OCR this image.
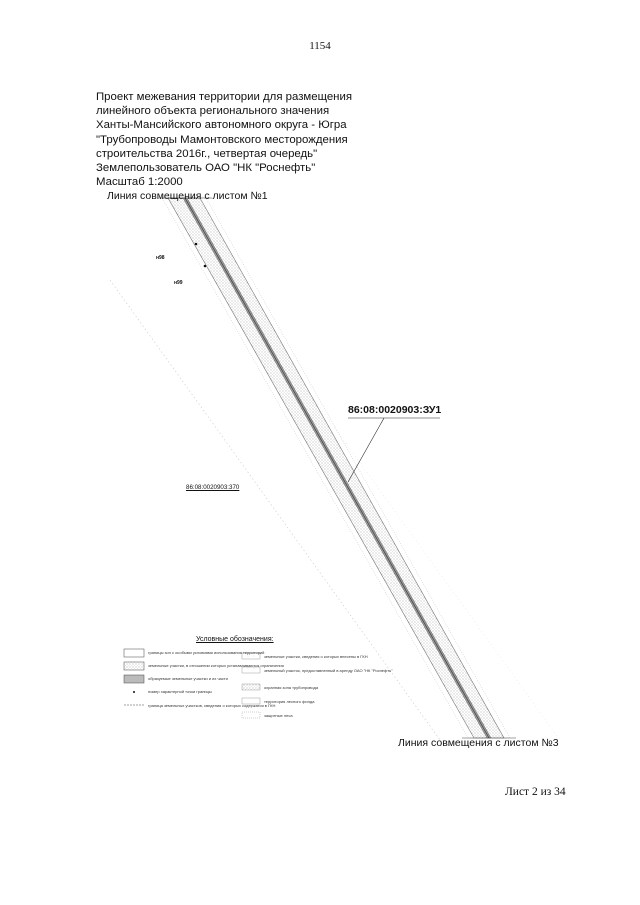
1154
Проект межевания территории для размещения
линейного объекта регионального значения
Ханты-Мансийского автономного округа - Югра
"Трубопроводы Мамонтовского месторождения
строительства 2016г., четвертая очередь"
Землепользователь ОАО "НК "Роснефть"
Масштаб 1:2000
Линия совмещения с листом №1
Линия совмещения с листом №3
86:08:0020903:ЗУ1
86:08:0020903:370
н98
н99
Условные обозначения:
границы зон с особыми условиями использования территорий
земельные участки, в отношении которых устанавливаются ограничения
образуемые земельные участки и их части
номер характерной точки границы
граница земельных участков, сведения о которых содержатся в ГКН
земельные участки, сведения о которых внесены в ГКН
земельный участок, предоставленный в аренду ОАО "НК "Роснефть"
охранная зона трубопровода
территория лесного фонда
защитные леса
Лист 2 из 34
